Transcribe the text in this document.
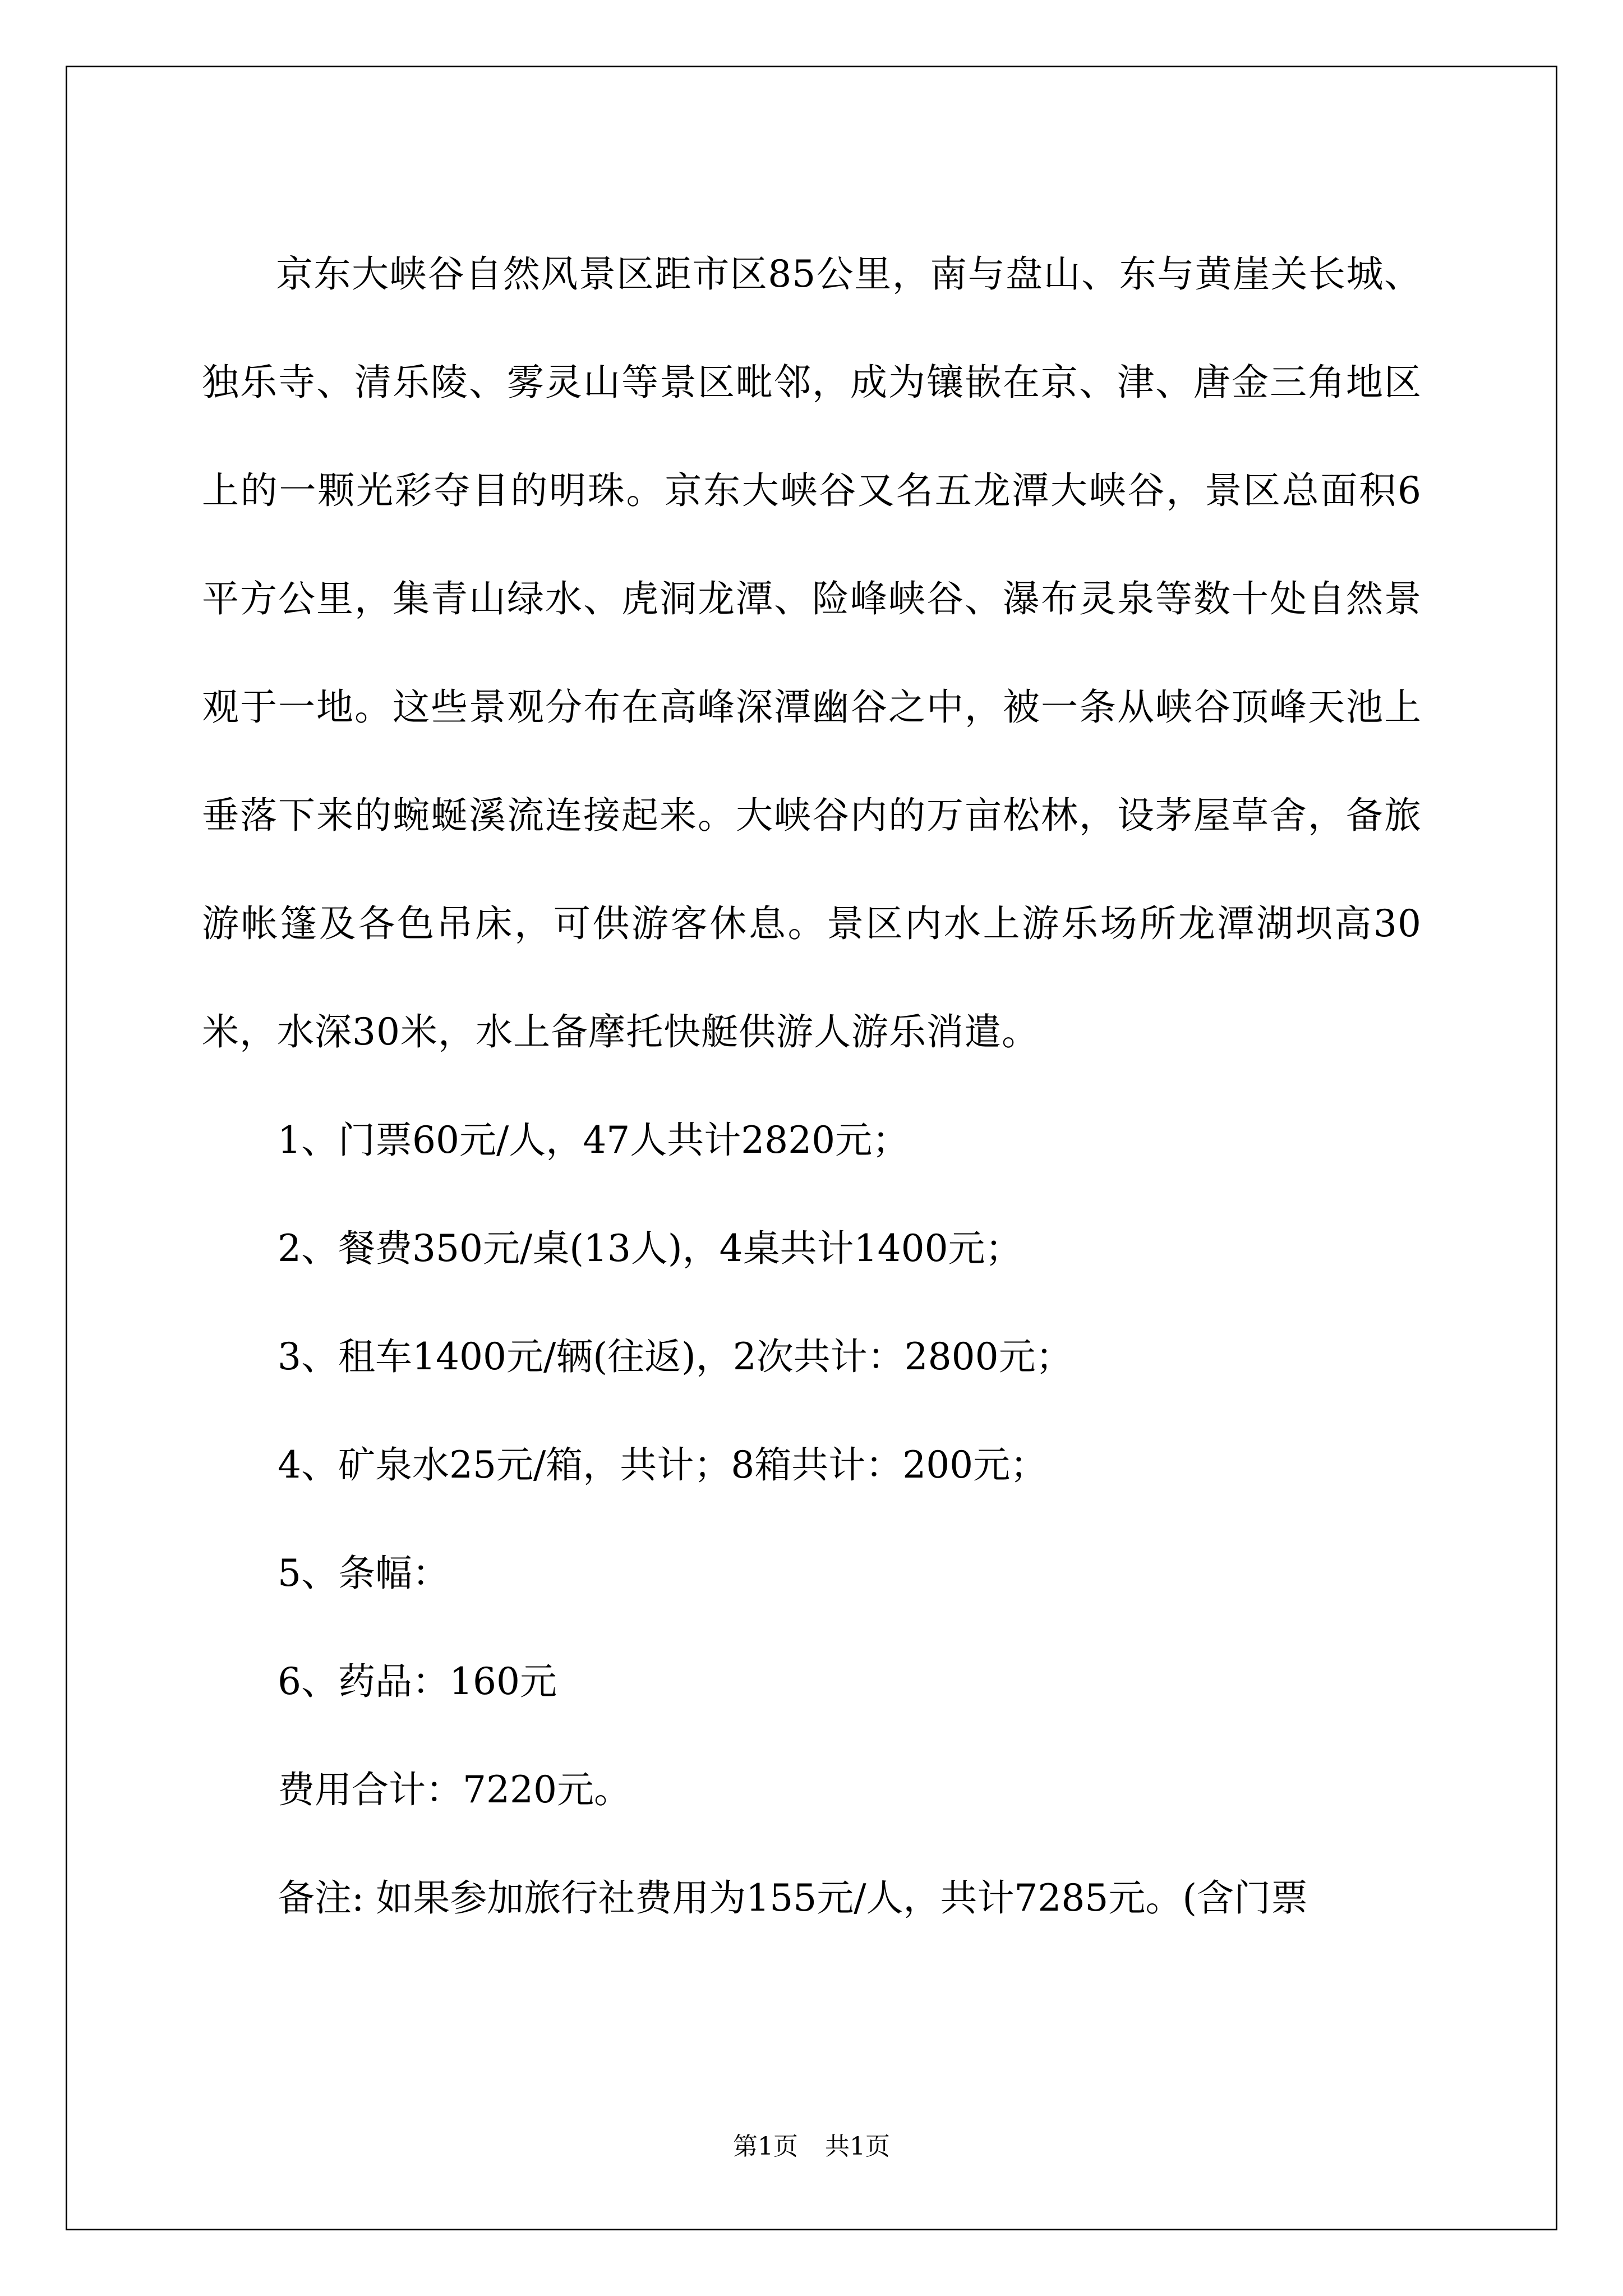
京东大峡谷自然风景区距市区85公里，南与盘山、东与黄崖关长城、独乐寺、清乐陵、雾灵山等景区毗邻，成为镶嵌在京、津、唐金三角地区上的一颗光彩夺目的明珠。京东大峡谷又名五龙潭大峡谷，景区总面积6平方公里，集青山绿水、虎洞龙潭、险峰峡谷、瀑布灵泉等数十处自然景观于一地。这些景观分布在高峰深潭幽谷之中，被一条从峡谷顶峰天池上垂落下来的蜿蜒溪流连接起来。大峡谷内的万亩松林，设茅屋草舍，备旅游帐篷及各色吊床，可供游客休息。景区内水上游乐场所龙潭湖坝高30米，水深30米，水上备摩托快艇供游人游乐消遣。

1、门票60元/人，47人共计2820元；

2、餐费350元/桌(13人)，4桌共计1400元；

3、租车1400元/辆(往返)，2次共计：2800元；

4、矿泉水25元/箱，共计；8箱共计：200元；

5、条幅：

6、药品：160元

费用合计：7220元。

备注: 如果参加旅行社费用为155元/人，共计7285元。(含门票

第1页 共1页
